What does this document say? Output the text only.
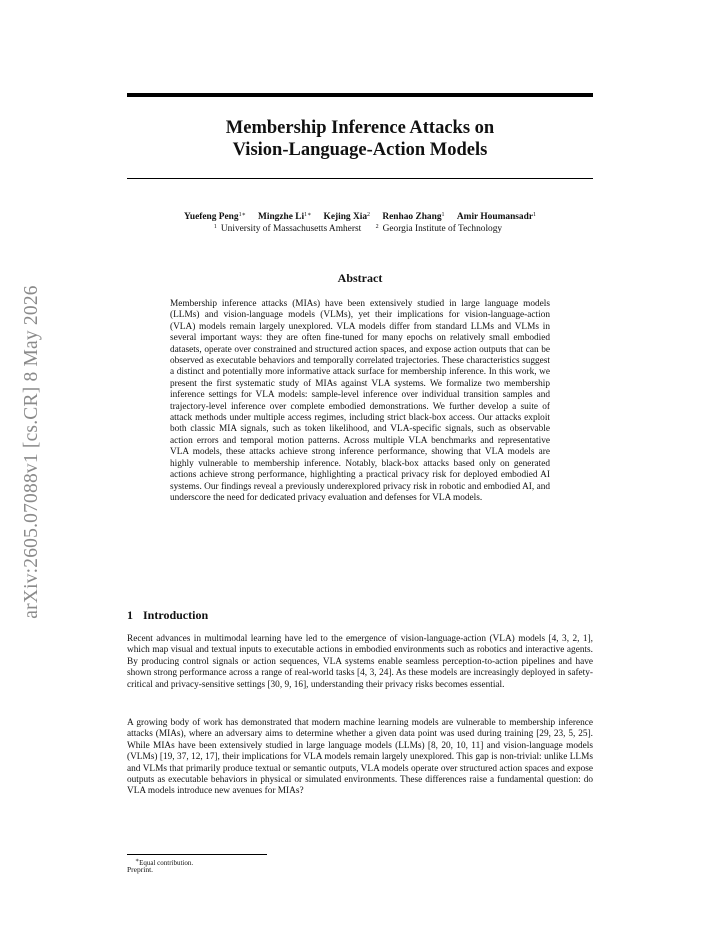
arXiv:2605.07088v1 [cs.CR] 8 May 2026
Membership Inference Attacks on
Vision-Language-Action Models
Yuefeng Peng$^{1∗}$ Mingzhe $Li^{1∗}$ Kejing Xia$^2$ Renhao Zhang$^1$ Amir Houmansadr$^1$
$^1$ University of Massachusetts Amherst $^2$ Georgia Institute of Technology
Abstract

Membership inference attacks (MIAs) have been extensively studied in large language models (LLMs) and vision-language models (VLMs), yet their implications for vision-language-action (VLA) models remain largely unexplored. VLA models differ from standard LLMs and VLMs in several important ways: they are often fine-tuned for many epochs on relatively small embodied datasets, operate over constrained and structured action spaces, and expose action outputs that can be observed as executable behaviors and temporally correlated trajectories. These characteristics suggest a distinct and potentially more informative attack surface for membership inference. In this work, we present the first systematic study of MIAs against VLA systems. We formalize two membership inference settings for VLA models: sample-level inference over individual transition samples and trajectory-level inference over complete embodied demonstrations. We further develop a suite of attack methods under multiple access regimes, including strict black-box access. Our attacks exploit both classic MIA signals, such as token likelihood, and VLA-specific signals, such as observable action errors and temporal motion patterns. Across multiple VLA benchmarks and representative VLA models, these attacks achieve strong inference performance, showing that VLA models are highly vulnerable to membership inference. Notably, black-box attacks based only on generated actions achieve strong performance, highlighting a practical privacy risk for deployed embodied AI systems. Our findings reveal a previously underexplored privacy risk in robotic and embodied AI, and underscore the need for dedicated privacy evaluation and defenses for VLA models.

1 Introduction

Recent advances in multimodal learning have led to the emergence of vision-language-action (VLA) models [4, 3, 2, 1], which map visual and textual inputs to executable actions in embodied environments such as robotics and interactive agents. By producing control signals or action sequences, VLA systems enable seamless perception-to-action pipelines and have shown strong performance across a range of real-world tasks [4, 3, 24]. As these models are increasingly deployed in safety-critical and privacy-sensitive settings [30, 9, 16], understanding their privacy risks becomes essential.

A growing body of work has demonstrated that modern machine learning models are vulnerable to membership inference attacks (MIAs), where an adversary aims to determine whether a given data point was used during training [29, 23, 5, 25]. While MIAs have been extensively studied in large language models (LLMs) [8, 20, 10, 11] and vision-language models (VLMs) [19, 37, 12, 17], their implications for VLA models remain largely unexplored. This gap is non-trivial: unlike LLMs and VLMs that primarily produce textual or semantic outputs, VLA models operate over structured action spaces and expose outputs as executable behaviors in physical or simulated environments. These differences raise a fundamental question: do VLA models introduce new avenues for MIAs?

∗Equal contribution.
Preprint.
